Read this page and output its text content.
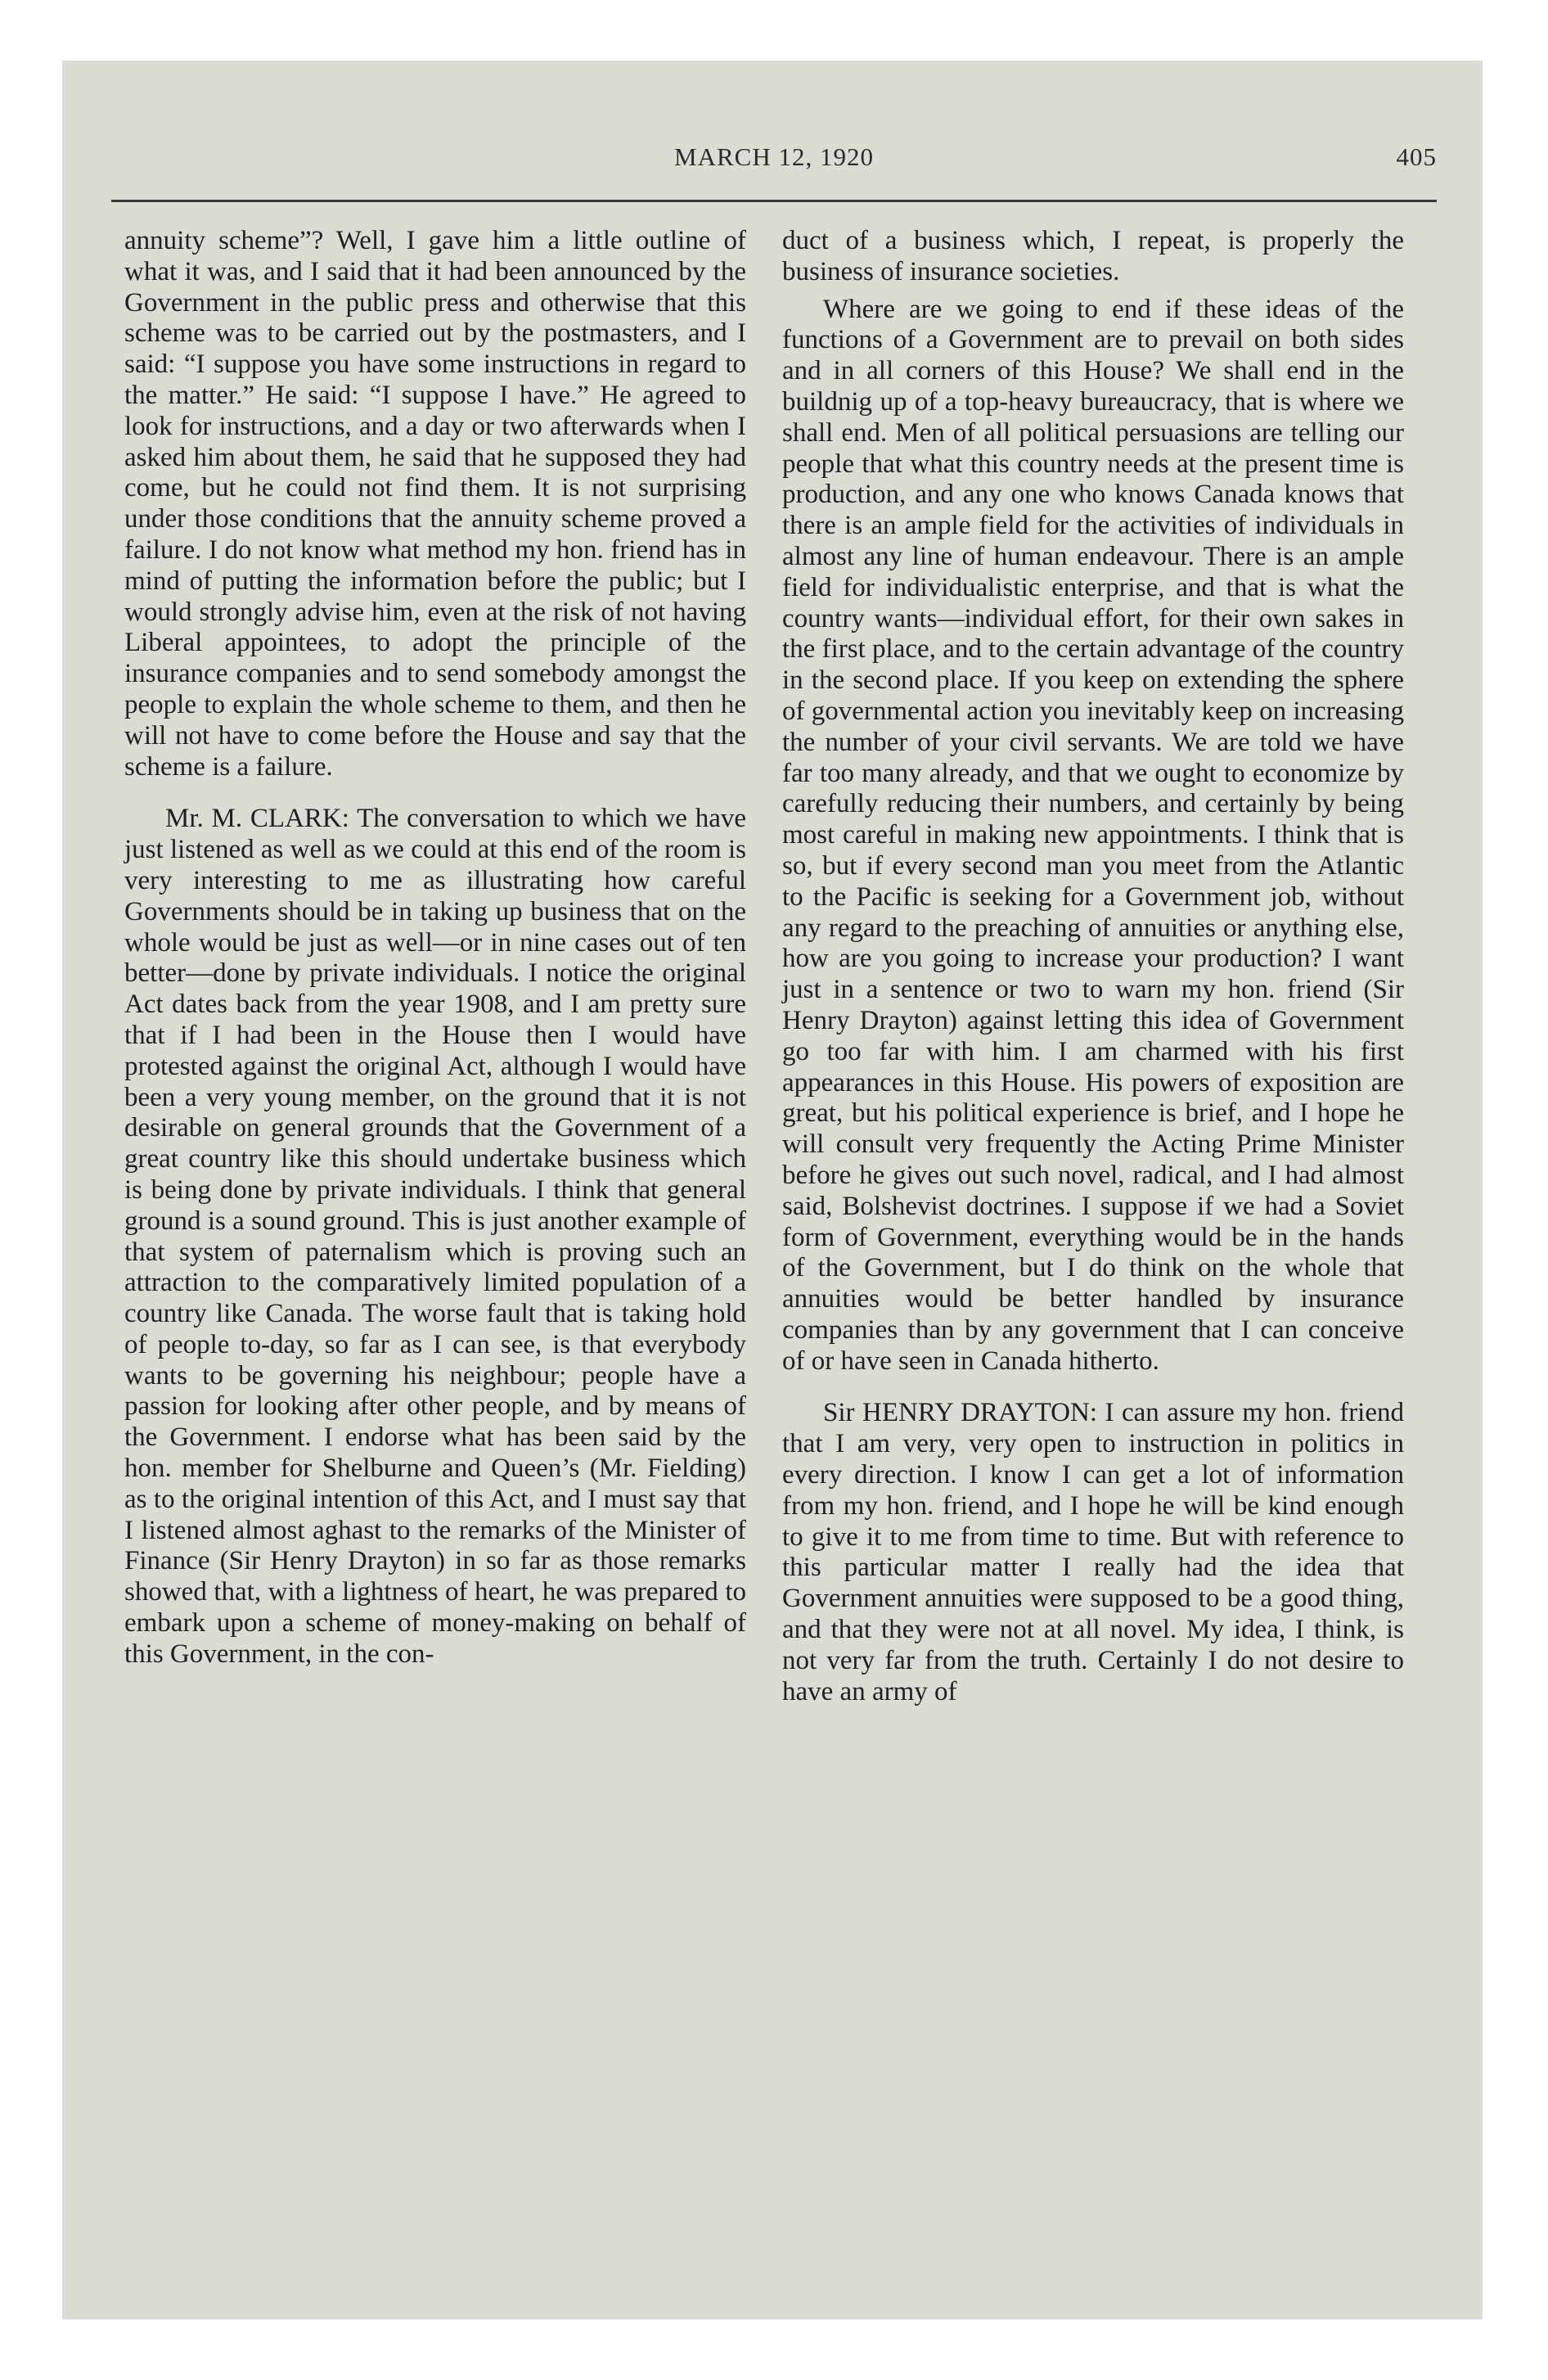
MARCH 12, 1920	405

annuity scheme”? Well, I gave him a little outline of what it was, and I said that it had been announced by the Government in the public press and otherwise that this scheme was to be carried out by the postmasters, and I said: “I suppose you have some instructions in regard to the matter.” He said: “I suppose I have.” He agreed to look for instructions, and a day or two afterwards when I asked him about them, he said that he supposed they had come, but he could not find them. It is not surprising under those conditions that the annuity scheme proved a failure. I do not know what method my hon. friend has in mind of putting the information before the public; but I would strongly advise him, even at the risk of not having Liberal appointees, to adopt the principle of the insurance companies and to send somebody amongst the people to explain the whole scheme to them, and then he will not have to come before the House and say that the scheme is a failure.

Mr. M. CLARK: The conversation to which we have just listened as well as we could at this end of the room is very interesting to me as illustrating how careful Governments should be in taking up business that on the whole would be just as well—or in nine cases out of ten better—done by private individuals. I notice the original Act dates back from the year 1908, and I am pretty sure that if I had been in the House then I would have protested against the original Act, although I would have been a very young member, on the ground that it is not desirable on general grounds that the Government of a great country like this should undertake business which is being done by private individuals. I think that general ground is a sound ground. This is just another example of that system of paternalism which is proving such an attraction to the comparatively limited population of a country like Canada. The worse fault that is taking hold of people to-day, so far as I can see, is that everybody wants to be governing his neighbour; people have a passion for looking after other people, and by means of the Government. I endorse what has been said by the hon. member for Shelburne and Queen’s (Mr. Fielding) as to the original intention of this Act, and I must say that I listened almost aghast to the remarks of the Minister of Finance (Sir Henry Drayton) in so far as those remarks showed that, with a lightness of heart, he was prepared to embark upon a scheme of money-making on behalf of this Government, in the con-

duct of a business which, I repeat, is properly the business of insurance societies.

Where are we going to end if these ideas of the functions of a Government are to prevail on both sides and in all corners of this House? We shall end in the buildnig up of a top-heavy bureaucracy, that is where we shall end. Men of all political persuasions are telling our people that what this country needs at the present time is production, and any one who knows Canada knows that there is an ample field for the activities of individuals in almost any line of human endeavour. There is an ample field for individualistic enterprise, and that is what the country wants—individual effort, for their own sakes in the first place, and to the certain advantage of the country in the second place. If you keep on extending the sphere of governmental action you inevitably keep on increasing the number of your civil servants. We are told we have far too many already, and that we ought to economize by carefully reducing their numbers, and certainly by being most careful in making new appointments. I think that is so, but if every second man you meet from the Atlantic to the Pacific is seeking for a Government job, without any regard to the preaching of annuities or anything else, how are you going to increase your production? I want just in a sentence or two to warn my hon. friend (Sir Henry Drayton) against letting this idea of Government go too far with him. I am charmed with his first appearances in this House. His powers of exposition are great, but his political experience is brief, and I hope he will consult very frequently the Acting Prime Minister before he gives out such novel, radical, and I had almost said, Bolshevist doctrines. I suppose if we had a Soviet form of Government, everything would be in the hands of the Government, but I do think on the whole that annuities would be better handled by insurance companies than by any government that I can conceive of or have seen in Canada hitherto.

Sir HENRY DRAYTON: I can assure my hon. friend that I am very, very open to instruction in politics in every direction. I know I can get a lot of information from my hon. friend, and I hope he will be kind enough to give it to me from time to time. But with reference to this particular matter I really had the idea that Government annuities were supposed to be a good thing, and that they were not at all novel. My idea, I think, is not very far from the truth. Certainly I do not desire to have an army of
